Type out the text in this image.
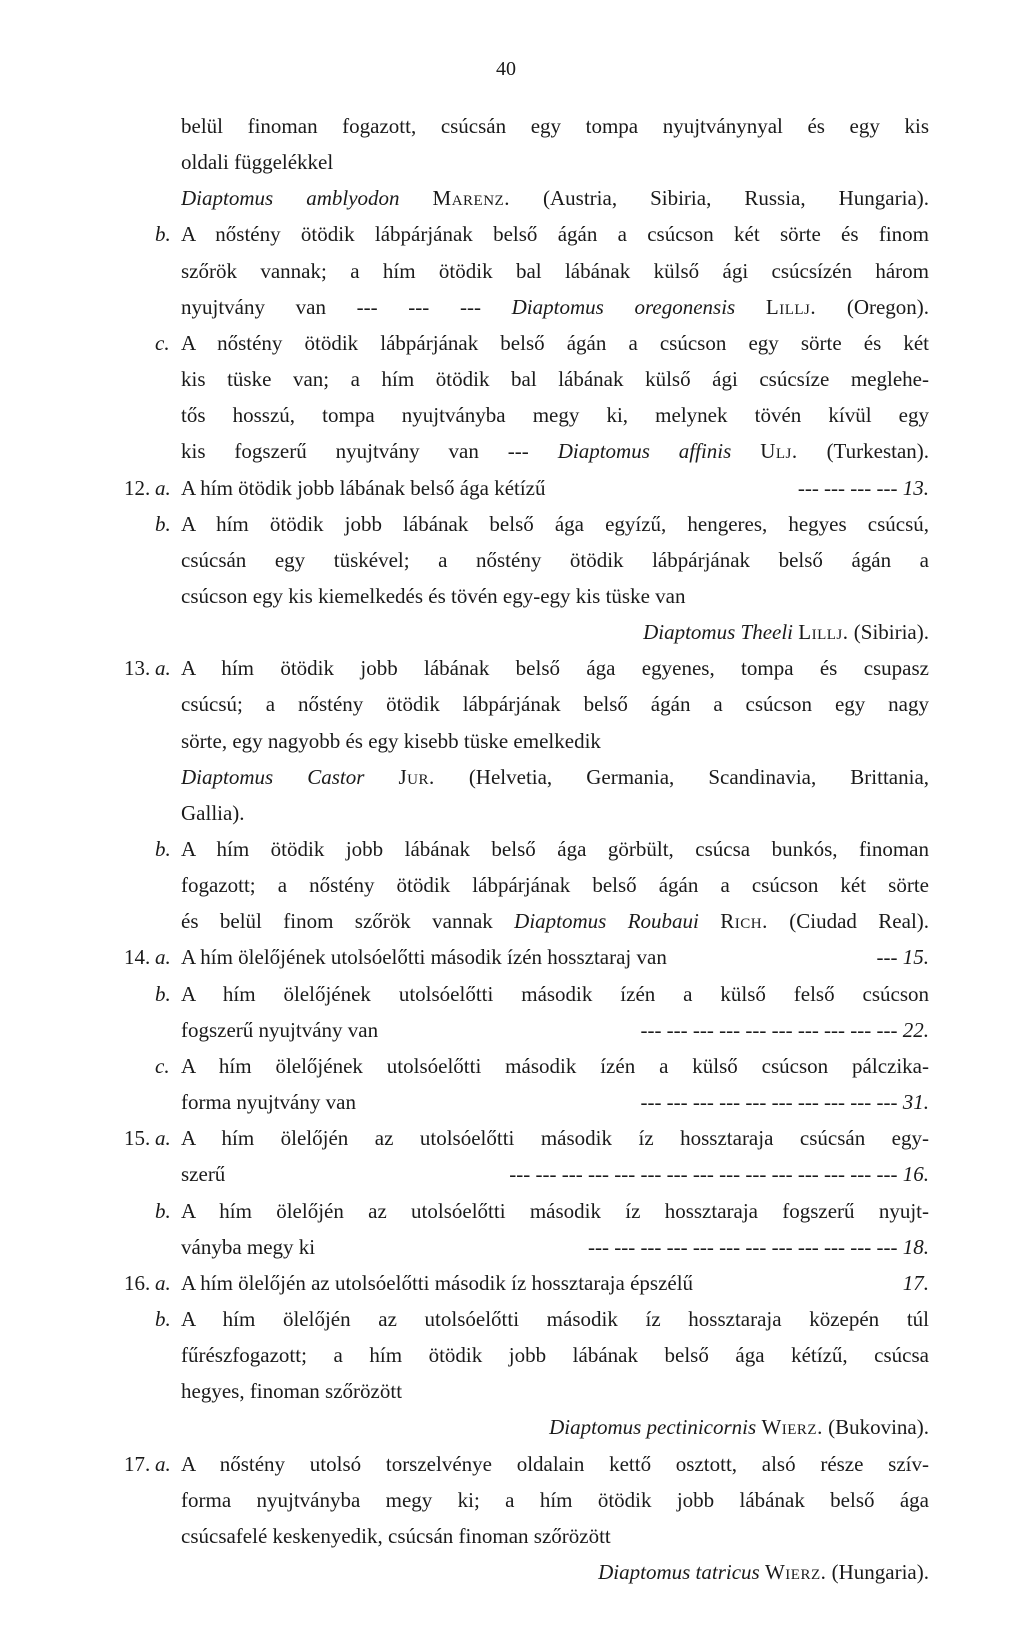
40
belül finoman fogazott, csúcsán egy tompa nyujtványnyal és egy kis
oldali függelékkel
Diaptomus amblyodon Marenz. (Austria, Sibiria, Russia, Hungaria).
b. A nőstény ötödik lábpárjának belső ágán a csúcson két sörte és finom
szőrök vannak; a hím ötödik bal lábának külső ági csúcsízén három
nyujtvány van --- --- --- Diaptomus oregonensis Lillj. (Oregon).
c. A nőstény ötödik lábpárjának belső ágán a csúcson egy sörte és két
kis tüske van; a hím ötödik bal lábának külső ági csúcsíze meglehe-
tős hosszú, tompa nyujtványba megy ki, melynek tövén kívül egy
kis fogszerű nyujtvány van --- Diaptomus affinis Ulj. (Turkestan).
12. a. A hím ötödik jobb lábának belső ága kétízű	--- --- --- --- 13.
b. A hím ötödik jobb lábának belső ága egyízű, hengeres, hegyes csúcsú,
csúcsán egy tüskével; a nőstény ötödik lábpárjának belső ágán a
csúcson egy kis kiemelkedés és tövén egy-egy kis tüske van
Diaptomus Theeli Lillj. (Sibiria).
13. a. A hím ötödik jobb lábának belső ága egyenes, tompa és csupasz
csúcsú; a nőstény ötödik lábpárjának belső ágán a csúcson egy nagy
sörte, egy nagyobb és egy kisebb tüske emelkedik
Diaptomus Castor Jur. (Helvetia, Germania, Scandinavia, Brittania,
Gallia).
b. A hím ötödik jobb lábának belső ága görbült, csúcsa bunkós, finoman
fogazott; a nőstény ötödik lábpárjának belső ágán a csúcson két sörte
és belül finom szőrök vannak Diaptomus Roubaui Rich. (Ciudad Real).
14. a. A hím ölelőjének utolsóelőtti második ízén hossztaraj van	--- 15.
b. A hím ölelőjének utolsóelőtti második ízén a külső felső csúcson
fogszerű nyujtvány van	--- --- --- --- --- --- --- --- --- --- 22.
c. A hím ölelőjének utolsóelőtti második ízén a külső csúcson pálczika-
forma nyujtvány van	--- --- --- --- --- --- --- --- --- --- 31.
15. a. A hím ölelőjén az utolsóelőtti második íz hossztaraja csúcsán egy-
szerű	--- --- --- --- --- --- --- --- --- --- --- --- --- --- --- 16.
b. A hím ölelőjén az utolsóelőtti második íz hossztaraja fogszerű nyujt-
ványba megy ki	--- --- --- --- --- --- --- --- --- --- --- --- 18.
16. a. A hím ölelőjén az utolsóelőtti második íz hossztaraja épszélű	17.
b. A hím ölelőjén az utolsóelőtti második íz hossztaraja közepén túl
fűrészfogazott; a hím ötödik jobb lábának belső ága kétízű, csúcsa
hegyes, finoman szőrözött
Diaptomus pectinicornis Wierz. (Bukovina).
17. a. A nőstény utolsó torszelvénye oldalain kettő osztott, alsó része szív-
forma nyujtványba megy ki; a hím ötödik jobb lábának belső ága
csúcsafelé keskenyedik, csúcsán finoman szőrözött
Diaptomus tatricus Wierz. (Hungaria).
